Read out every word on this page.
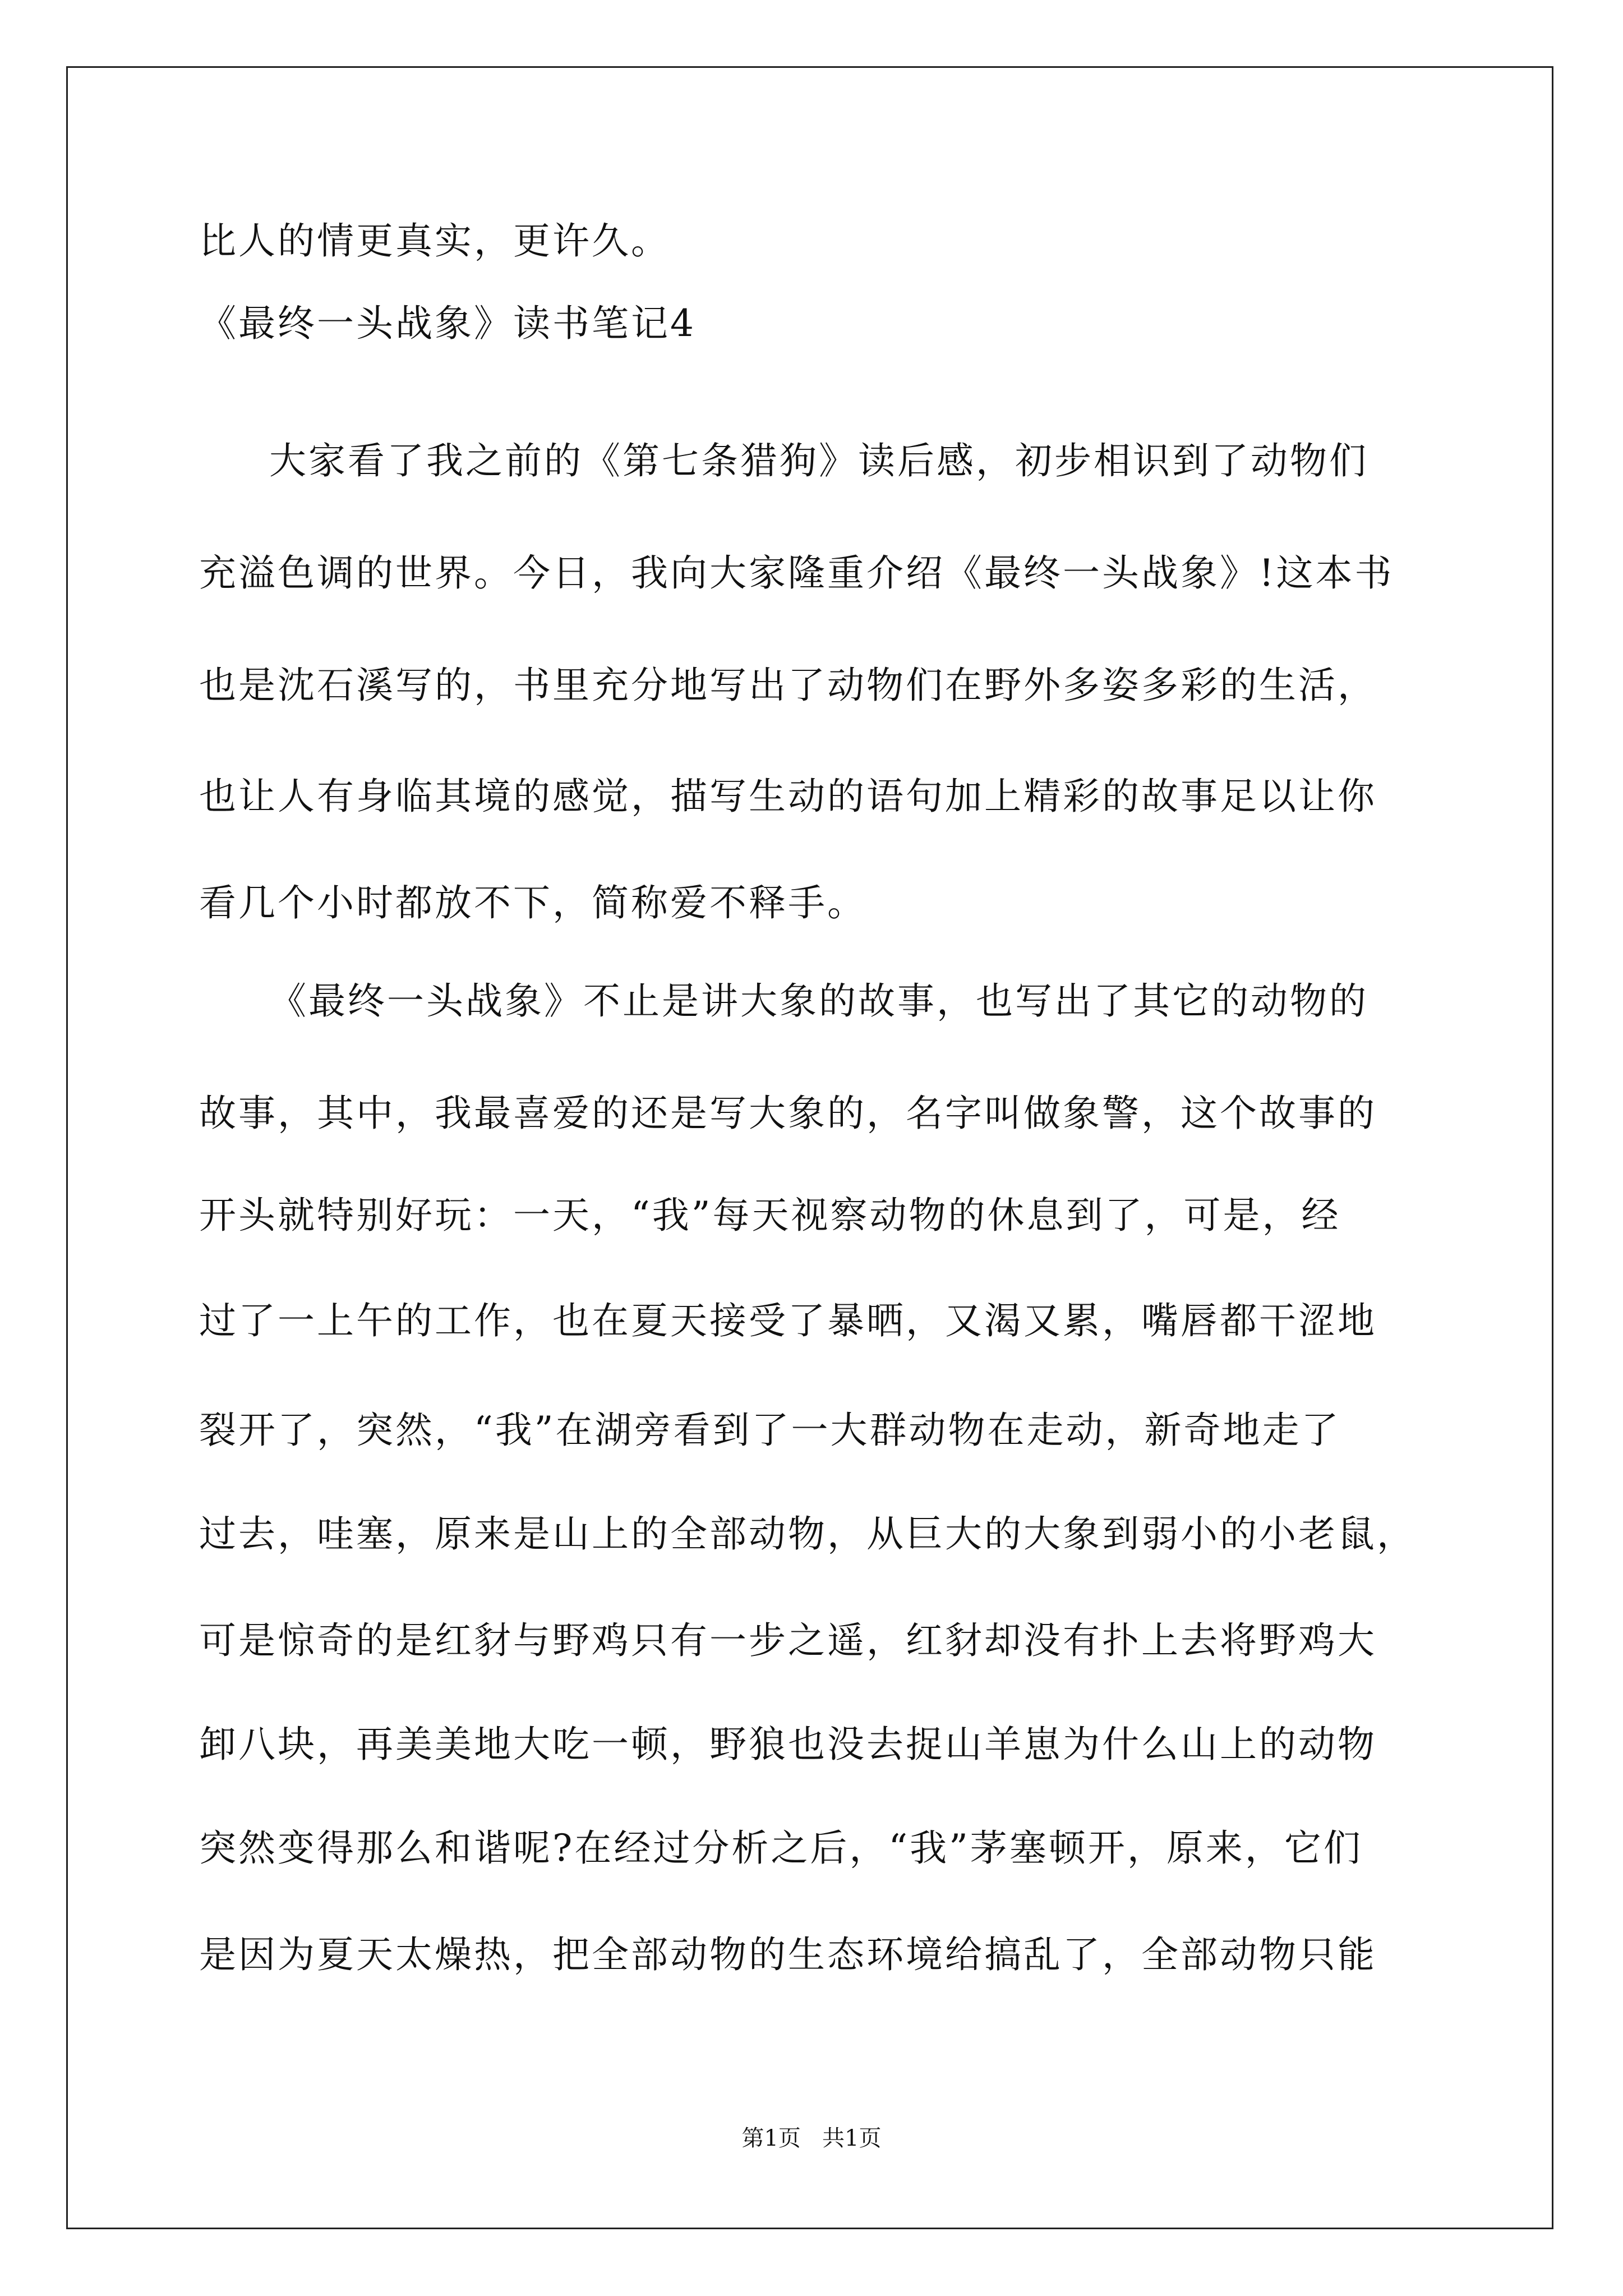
比人的情更真实，更许久。
《最终一头战象》读书笔记4
大家看了我之前的《第七条猎狗》读后感，初步相识到了动物们
充溢色调的世界。今日，我向大家隆重介绍《最终一头战象》!这本书
也是沈石溪写的，书里充分地写出了动物们在野外多姿多彩的生活，
也让人有身临其境的感觉，描写生动的语句加上精彩的故事足以让你
看几个小时都放不下，简称爱不释手。
《最终一头战象》不止是讲大象的故事，也写出了其它的动物的
故事，其中，我最喜爱的还是写大象的，名字叫做象警，这个故事的
开头就特别好玩：一天，“我”每天视察动物的休息到了，可是，经
过了一上午的工作，也在夏天接受了暴晒，又渴又累，嘴唇都干涩地
裂开了，突然，“我”在湖旁看到了一大群动物在走动，新奇地走了
过去，哇塞，原来是山上的全部动物，从巨大的大象到弱小的小老鼠，
可是惊奇的是红豺与野鸡只有一步之遥，红豺却没有扑上去将野鸡大
卸八块，再美美地大吃一顿，野狼也没去捉山羊崽为什么山上的动物
突然变得那么和谐呢?在经过分析之后，“我”茅塞顿开，原来，它们
是因为夏天太燥热，把全部动物的生态环境给搞乱了，全部动物只能
第1页   共1页
